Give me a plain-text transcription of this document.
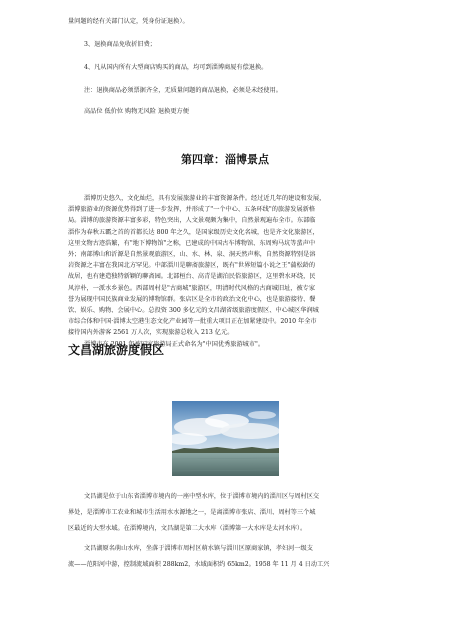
量问题的经有关部门认定，凭身份证退换）。
3、退换商品免收折旧费；
4、凡从国内所有大型商店购买的商品，均可到淄博商厦有偿退换。
注：退换商品必须票据齐全，无质量问题的商品退换，必须是未经使用。
高品位 低价位 购物无风险 退换更方便
第四章：淄博景点
淄博历史悠久，文化灿烂，具有发展旅游业的丰富资源条件。经过近几年的建设和发展，
淄博旅游业的资源优势得到了进一步发挥，并形成了"一个中心、五条环线"的旅游发展新格
局。淄博的旅游资源丰富多彩，特色突出，人文景观颇为集中，自然景观遍布全市。东部临
淄作为春秋五霸之首的首都长达 800 年之久，是国家级历史文化名城，也是齐文化旅游区，
这里文物古迹浩繁，有"地下博物馆"之称，已建成的中国古车博物馆、东周殉马坑等蜚声中
外；南部博山和沂源是自然景观旅游区，山、水、林、泉、洞天然声称，自然资源特别是溶
岩资源之丰富在我国北方罕见。中部淄川是聊斋旅游区，既有"世界短篇小说之王"蒲松龄的
故居，也有建造独特新颖的聊斋园。北部桓台、高青是湖泊民俗旅游区，这里碧水环绕，民
风淳朴，一派水乡景色。西部周村是"古商城"旅游区，明清时代风格的古商城旧址，被专家
誉为展现中国民族商业发展的博物馆群。张店区是全市的政治文化中心，也是旅游接待、餐
饮、娱乐、购物、会展中心。总投资 300 多亿元的文昌湖省级旅游度假区、中心城区华润城
市综合体和中国·淄博太空港生态文化产业园等一批重大项目正在加紧建设中。2010 年全市
接待国内外游客 2561 万人次，实现旅游总收入 213 亿元。
淄博市在 2001 年被国家旅游局正式命名为"中国优秀旅游城市"。
文昌湖旅游度假区
文昌湖是位于山东省淄博市境内的一座中型水库，位于淄博市境内的淄川区与周村区交
界处，是淄博市工农业和城市生活用水水源地之一，是离淄博市张店、淄川、周村等三个城
区最近的大型水域。在淄博境内，文昌湖是第二大水库（淄博第一大水库是太河水库）。
文昌湖原名萌山水库，坐落于淄博市周村区萌水镇与淄川区原商家镇，孝妇河一级支
流——范阳河中游，控制流域面积 288km2，水域面积约 65km2。1958 年 11 月 4 日动工兴
